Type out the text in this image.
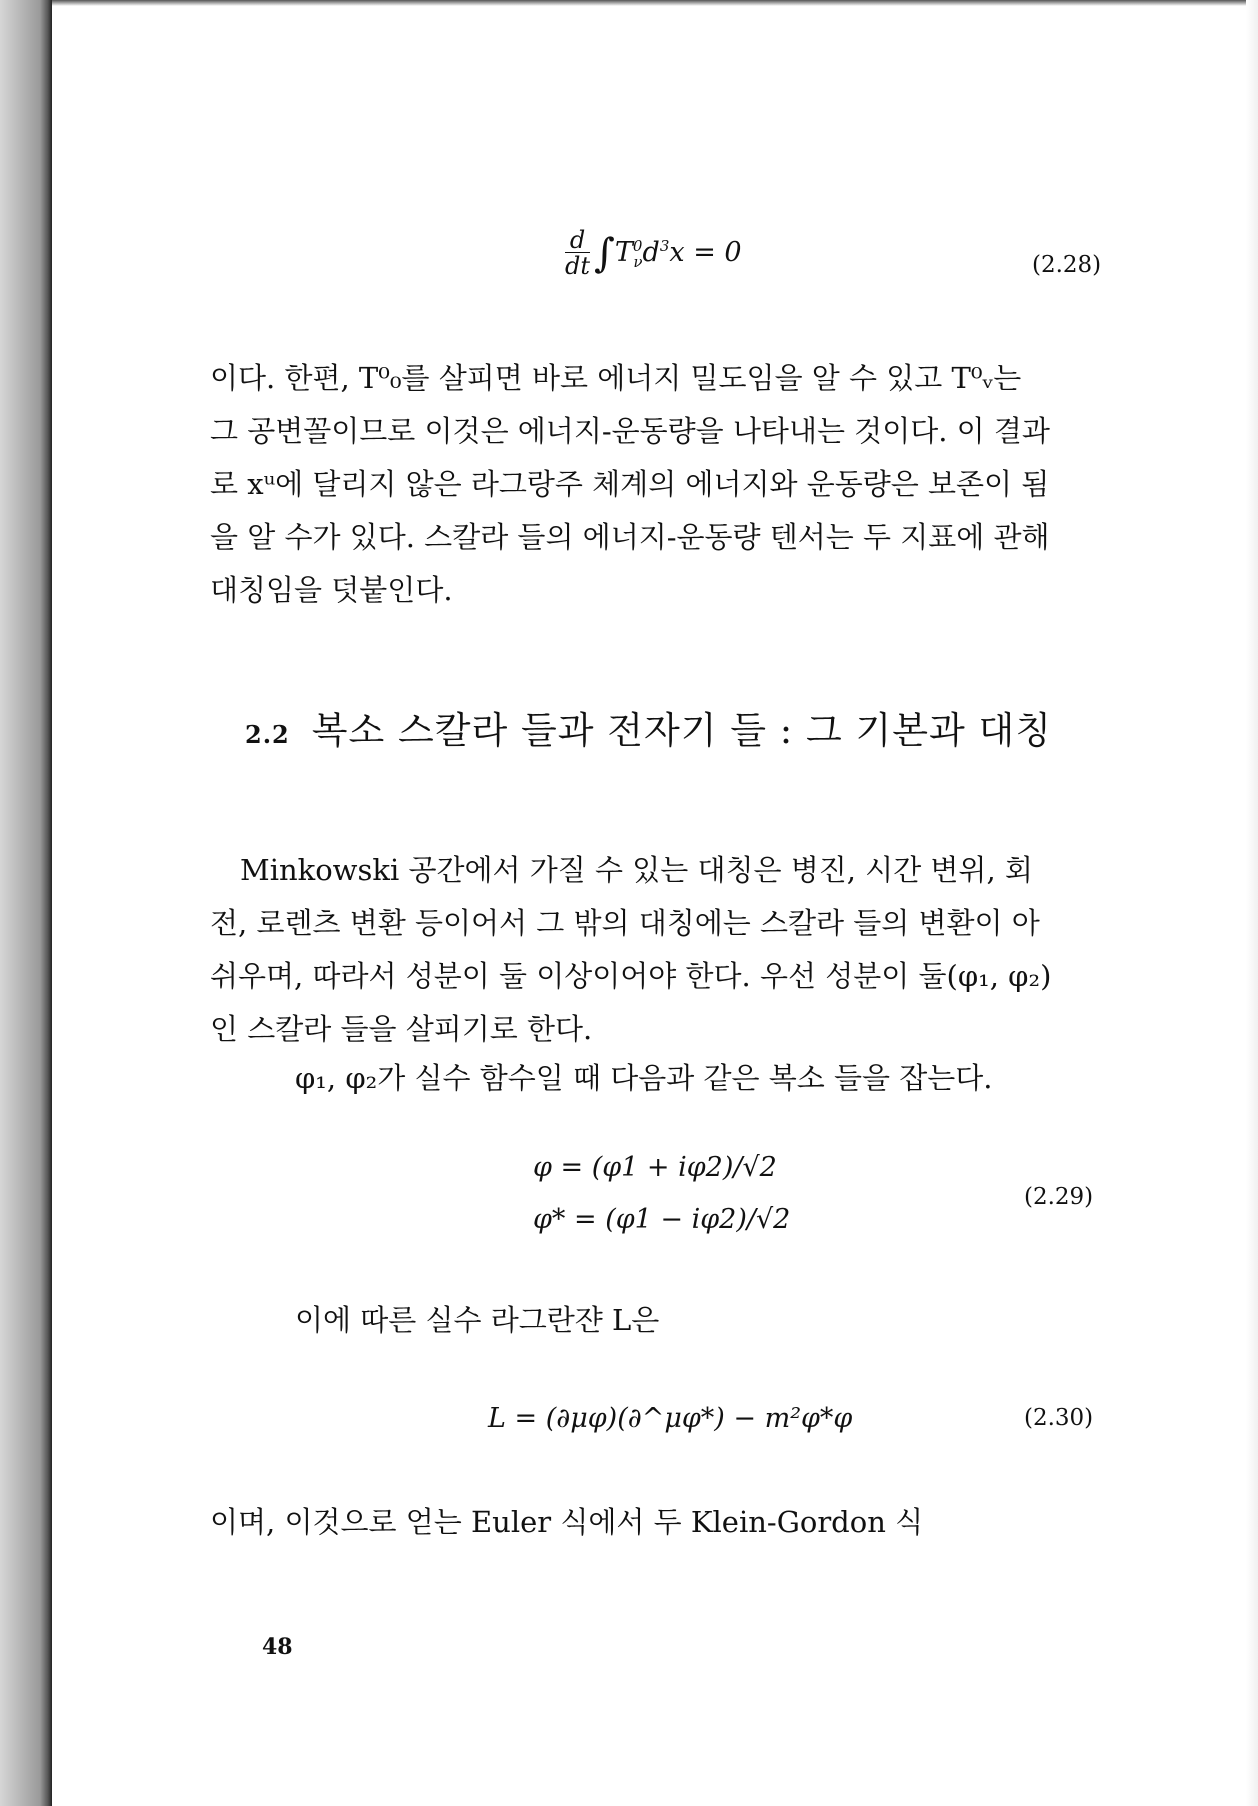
$\frac{d}{dt} \int T^0_\nu d^3x = 0$	(2.28)

이다. 한편, T⁰₀를 살피면 바로 에너지 밀도임을 알 수 있고 T⁰ᵥ는

그 공변꼴이므로 이것은 에너지-운동량을 나타내는 것이다. 이 결과

로 xᵘ에 달리지 않은 라그랑주 체계의 에너지와 운동량은 보존이 됨

을 알 수가 있다. 스칼라 들의 에너지-운동량 텐서는 두 지표에 관해

대칭임을 덧붙인다.

2.2 복소 스칼라 들과 전자기 들 : 그 기본과 대칭

Minkowski 공간에서 가질 수 있는 대칭은 병진, 시간 변위, 회

전, 로렌츠 변환 등이어서 그 밖의 대칭에는 스칼라 들의 변환이 아

쉬우며, 따라서 성분이 둘 이상이어야 한다. 우선 성분이 둘(φ₁, φ₂)

인 스칼라 들을 살피기로 한다.

φ₁, φ₂가 실수 함수일 때 다음과 같은 복소 들을 잡는다.

φ = (φ1 + iφ2)/√2
φ* = (φ1 − iφ2)/√2
(2.29)

이에 따른 실수 라그란쟌 L은

L = (∂μφ)(∂^μφ*) − m²φ*φ	(2.30)

이며, 이것으로 얻는 Euler 식에서 두 Klein-Gordon 식

48
